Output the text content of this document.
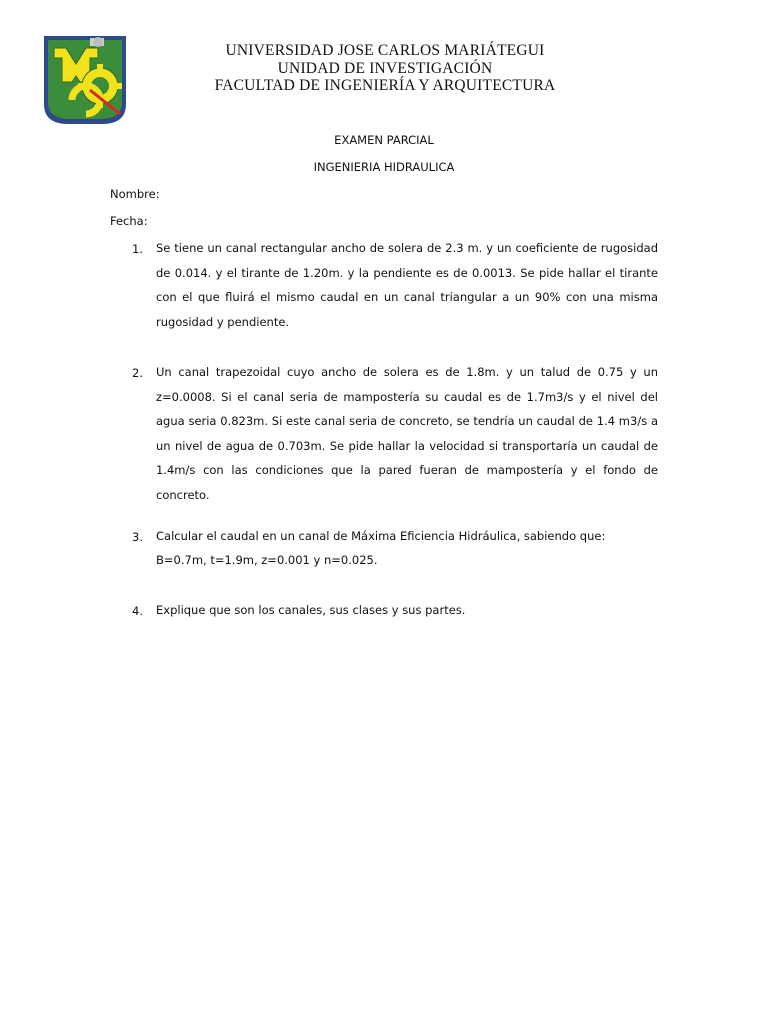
UNIVERSIDAD JOSE CARLOS MARIÁTEGUI
UNIDAD DE INVESTIGACIÓN
FACULTAD DE INGENIERÍA Y ARQUITECTURA
EXAMEN PARCIAL
INGENIERIA HIDRAULICA
Nombre:
Fecha:
1. Se tiene un canal rectangular ancho de solera de 2.3 m. y un coeficiente de rugosidad de 0.014. y el tirante de 1.20m. y la pendiente es de 0.0013. Se pide hallar el tirante con el que fluirá el mismo caudal en un canal triangular a un 90% con una misma rugosidad y pendiente.
2. Un canal trapezoidal cuyo ancho de solera es de 1.8m. y un talud de 0.75 y un z=0.0008. Si el canal seria de mampostería su caudal es de 1.7m3/s y el nivel del agua seria 0.823m. Si este canal seria de concreto, se tendría un caudal de 1.4 m3/s a un nivel de agua de 0.703m. Se pide hallar la velocidad si transportaría un caudal de 1.4m/s con las condiciones que la pared fueran de mampostería y el fondo de concreto.
3. Calcular el caudal en un canal de Máxima Eficiencia Hidráulica, sabiendo que:
B=0.7m, t=1.9m, z=0.001 y n=0.025.
4. Explique que son los canales, sus clases y sus partes.
